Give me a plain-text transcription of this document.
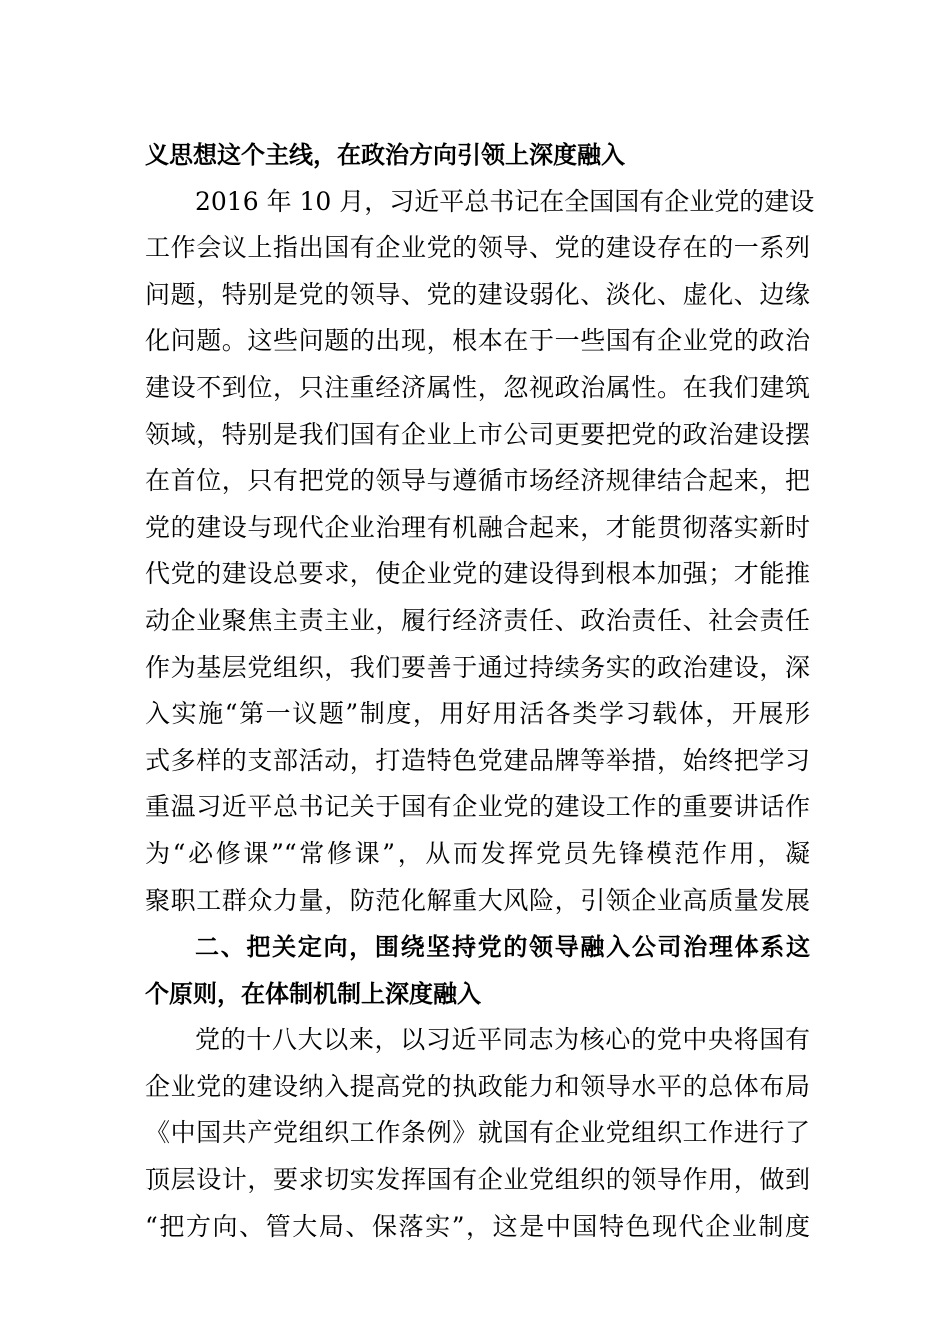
义思想这个主线，在政治方向引领上深度融入
2016 年 10 月，习近平总书记在全国国有企业党的建设
工作会议上指出国有企业党的领导、党的建设存在的一系列
问题，特别是党的领导、党的建设弱化、淡化、虚化、边缘
化问题。这些问题的出现，根本在于一些国有企业党的政治
建设不到位，只注重经济属性，忽视政治属性。在我们建筑
领域，特别是我们国有企业上市公司更要把党的政治建设摆
在首位，只有把党的领导与遵循市场经济规律结合起来，把
党的建设与现代企业治理有机融合起来，才能贯彻落实新时
代党的建设总要求，使企业党的建设得到根本加强；才能推
动企业聚焦主责主业，履行经济责任、政治责任、社会责任
作为基层党组织，我们要善于通过持续务实的政治建设，深
入实施“第一议题”制度，用好用活各类学习载体，开展形
式多样的支部活动，打造特色党建品牌等举措，始终把学习
重温习近平总书记关于国有企业党的建设工作的重要讲话作
为“必修课”“常修课”，从而发挥党员先锋模范作用，凝
聚职工群众力量，防范化解重大风险，引领企业高质量发展
二、把关定向，围绕坚持党的领导融入公司治理体系这
个原则，在体制机制上深度融入
党的十八大以来，以习近平同志为核心的党中央将国有
企业党的建设纳入提高党的执政能力和领导水平的总体布局
《中国共产党组织工作条例》就国有企业党组织工作进行了
顶层设计，要求切实发挥国有企业党组织的领导作用，做到
“把方向、管大局、保落实”，这是中国特色现代企业制度
